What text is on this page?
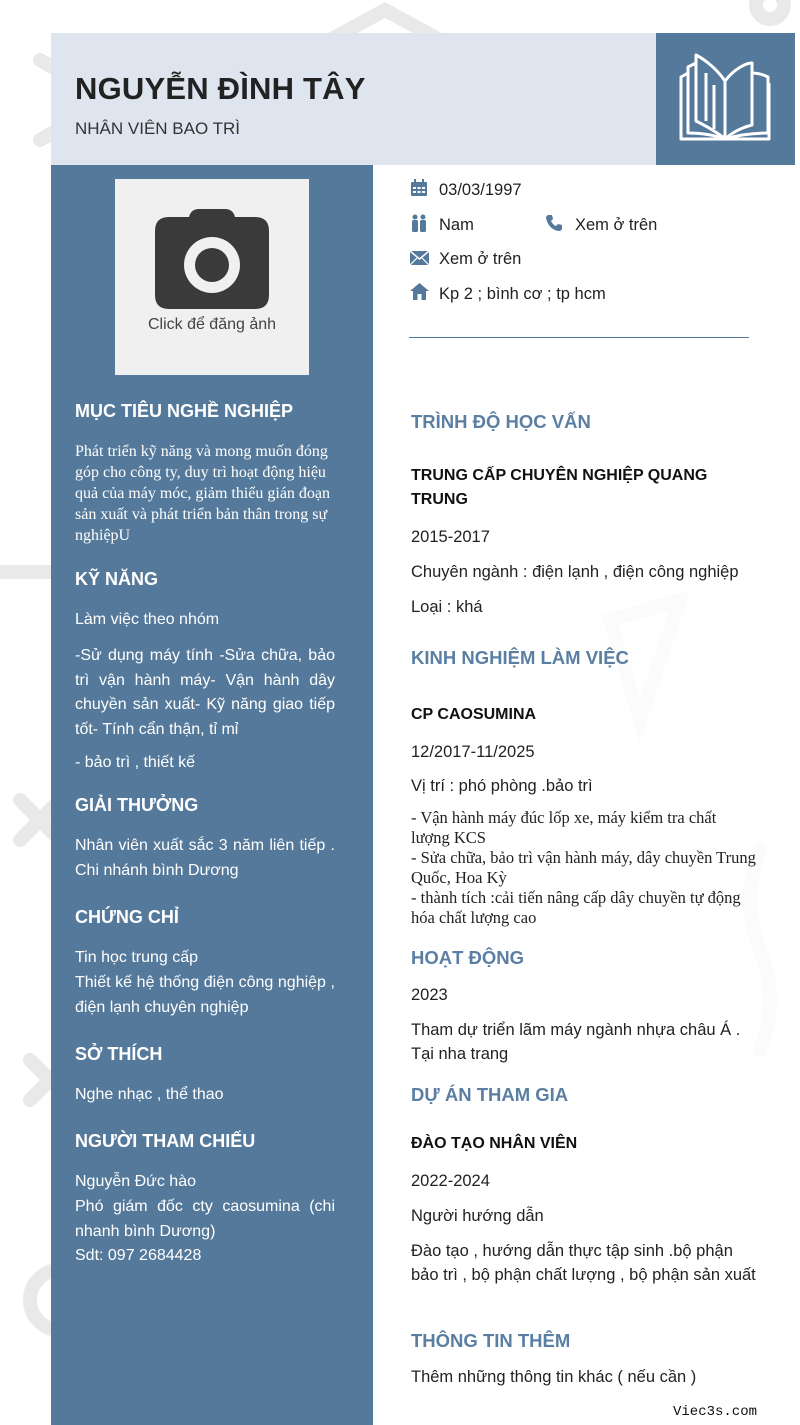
NGUYỄN ĐÌNH TÂY
NHÂN VIÊN BAO TRÌ
Click để đăng ảnh
MỤC TIÊU NGHỀ NGHIỆP
Phát triển kỹ năng và mong muốn đóng góp cho công ty, duy trì hoạt động hiệu quả của máy móc, giảm thiểu gián đoạn sản xuất và phát triển bản thân trong sự nghiệpU
KỸ NĂNG
Làm việc theo nhóm
-Sử dụng máy tính -Sửa chữa, bảo trì vận hành máy- Vận hành dây chuyền sản xuất- Kỹ năng giao tiếp tốt- Tính cẩn thận, tỉ mỉ
- bảo trì , thiết kế
GIẢI THƯỞNG
Nhân viên xuất sắc 3 năm liên tiếp . Chi nhánh bình Dương
CHỨNG CHỈ
Tin học trung cấp
Thiết kế hệ thống điện công nghiệp , điện lạnh chuyên nghiệp
SỞ THÍCH
Nghe nhạc , thể thao
NGƯỜI THAM CHIẾU
Nguyễn Đức hào
Phó giám đốc cty caosumina (chi nhanh bình Dương)
Sdt: 097 2684428
03/03/1997
Nam	Xem ở trên
Xem ở trên
Kp 2 ; bình cơ ; tp hcm
TRÌNH ĐỘ HỌC VẤN
TRUNG CẤP CHUYÊN NGHIỆP QUANG TRUNG
2015-2017
Chuyên ngành : điện lạnh , điện công nghiệp
Loại : khá
KINH NGHIỆM LÀM VIỆC
CP CAOSUMINA
12/2017-11/2025
Vị trí : phó phòng .bảo trì
- Vận hành máy đúc lốp xe, máy kiểm tra chất lượng KCS
- Sửa chữa, bảo trì vận hành máy, dây chuyền Trung Quốc, Hoa Kỳ
- thành tích :cải tiến nâng cấp dây chuyền tự động hóa chất lượng cao
HOẠT ĐỘNG
2023
Tham dự triển lãm máy ngành nhựa châu Á . Tại nha trang
DỰ ÁN THAM GIA
ĐÀO TẠO NHÂN VIÊN
2022-2024
Người hướng dẫn
Đào tạo , hướng dẫn thực tập sinh .bộ phận bảo trì , bộ phận chất lượng , bộ phận sản xuất
THÔNG TIN THÊM
Thêm những thông tin khác ( nếu cần )
Viec3s.com
